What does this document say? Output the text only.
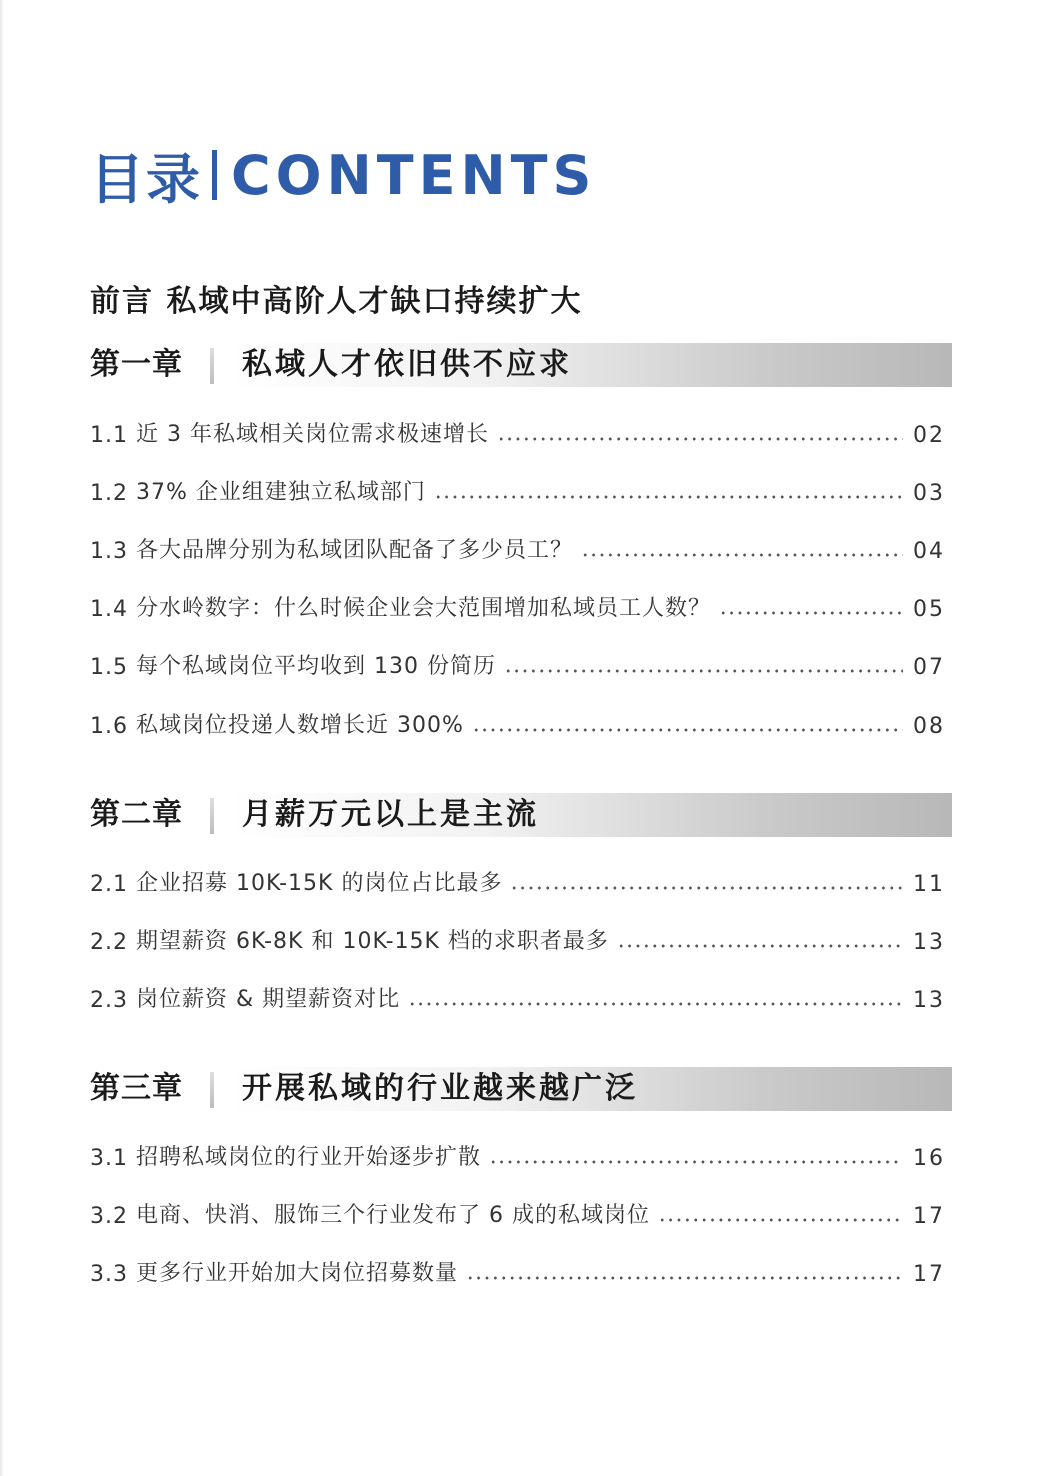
目录 CONTENTS
前言 私域中高阶人才缺口持续扩大
第一章 私域人才依旧供不应求
1.1 近 3 年私域相关岗位需求极速增长	02
1.2 37% 企业组建独立私域部门	03
1.3 各大品牌分别为私域团队配备了多少员工？	04
1.4 分水岭数字：什么时候企业会大范围增加私域员工人数？	05
1.5 每个私域岗位平均收到 130 份简历	07
1.6 私域岗位投递人数增长近 300%	08
第二章 月薪万元以上是主流
2.1 企业招募 10K-15K 的岗位占比最多	11
2.2 期望薪资 6K-8K 和 10K-15K 档的求职者最多	13
2.3 岗位薪资 & 期望薪资对比	13
第三章 开展私域的行业越来越广泛
3.1 招聘私域岗位的行业开始逐步扩散	16
3.2 电商、快消、服饰三个行业发布了 6 成的私域岗位	17
3.3 更多行业开始加大岗位招募数量	17
